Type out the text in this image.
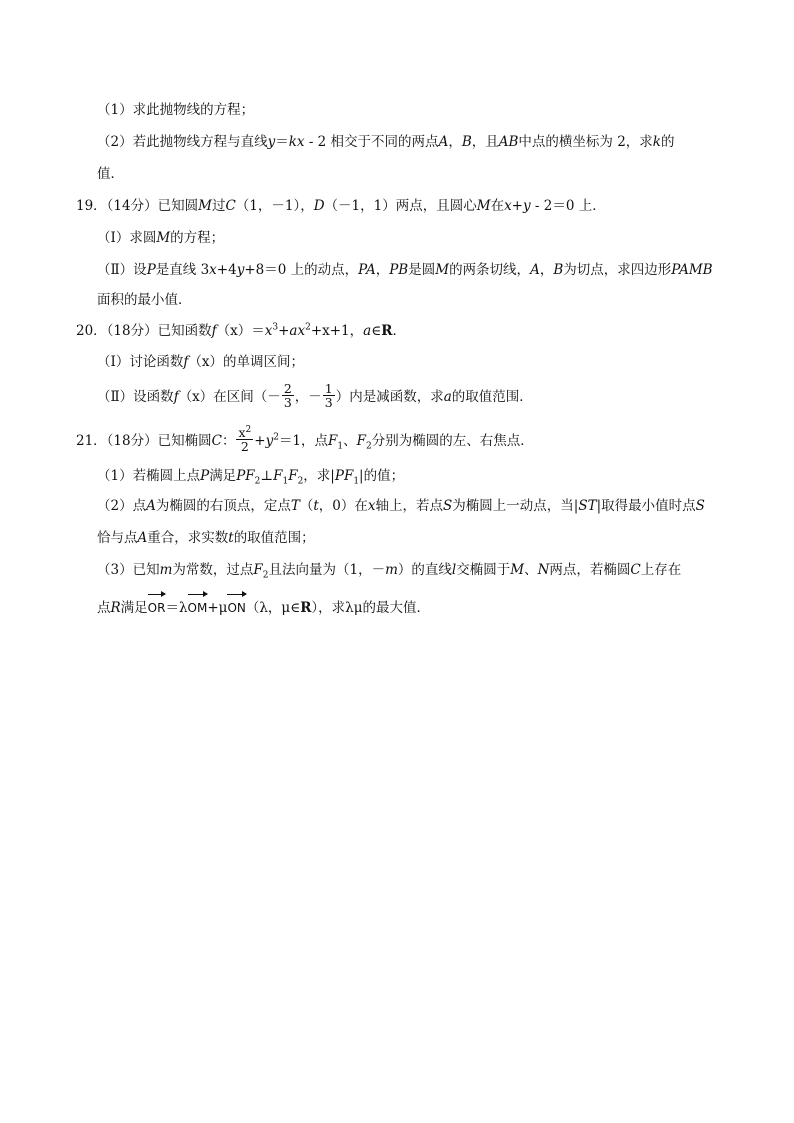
（1）求此抛物线的方程；
（2）若此抛物线方程与直线y＝kx - 2 相交于不同的两点A，B，且AB中点的横坐标为 2，求k的
值．
19．（14分）已知圆M过C（1，－1），D（－1，1）两点，且圆心M在x+y - 2＝0 上．
（Ⅰ）求圆M的方程；
（Ⅱ）设P是直线 3x+4y+8＝0 上的动点，PA，PB是圆M的两条切线，A，B为切点，求四边形PAMB
面积的最小值．
20．（18分）已知函数$f(x)=x^3+ax^2+x+1$，a∈R．
（Ⅰ）讨论函数f（x）的单调区间；
（Ⅱ）设函数f（x）在区间（－ $\frac{2}{3}$ ，－ $\frac{1}{3}$ ）内是减函数，求a的取值范围．
21．（18分）已知椭圆C： $\frac{x^2}{2} +y^2=1$，点$F_1$、$F_2$分别为椭圆的左、右焦点．
（1）若椭圆上点P满足$PF_2\perp F_1F_2$，求$|PF_1|$的值；
（2）点A为椭圆的右顶点，定点T（t，0）在x轴上，若点S为椭圆上一动点，当|ST|取得最小值时点S
恰与点A重合，求实数t的取值范围；
（3）已知m为常数，过点$F_2$且法向量为（1，－m）的直线l交椭圆于M、N两点，若椭圆C上存在
点R满足OR＝λOM+μON（λ，μ∈R），求λμ的最大值．
